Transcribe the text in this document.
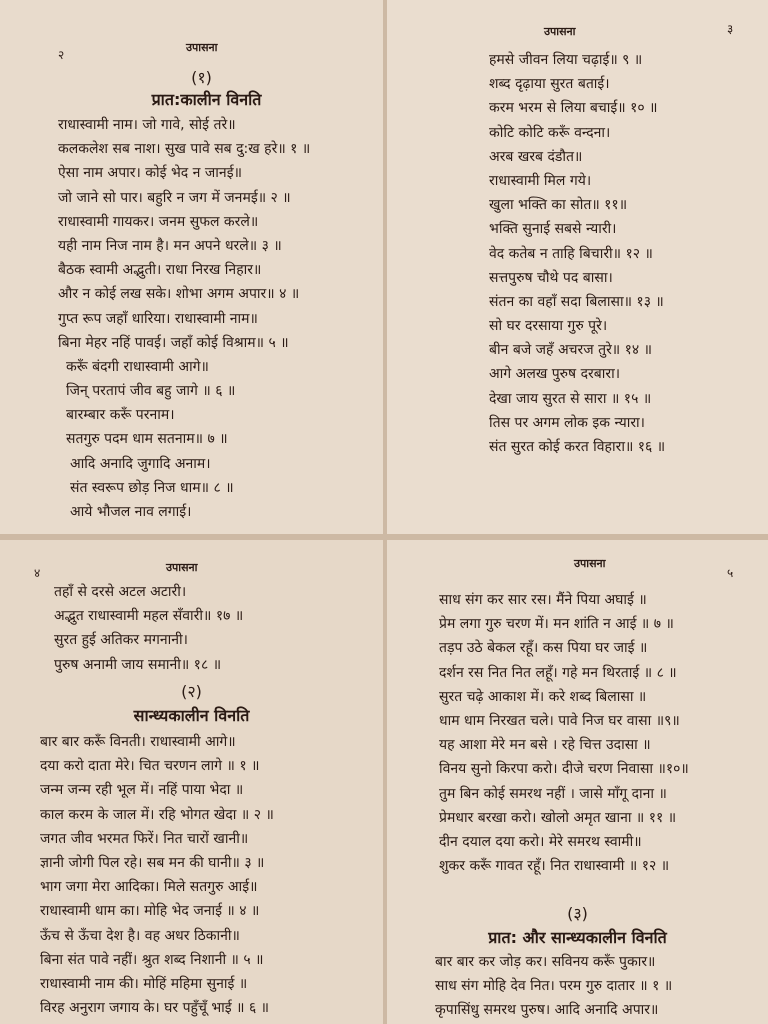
२
उपासना
(१)
प्रात:कालीन विनति
राधास्वामी नाम। जो गावे, सोई तरे॥
कलकलेश सब नाश। सुख पावे सब दु:ख हरे॥ १ ॥
ऐसा नाम अपार। कोई भेद न जानई॥
जो जाने सो पार। बहुरि न जग में जनमई॥ २ ॥
राधास्वामी गायकर। जनम सुफल करले॥
यही नाम निज नाम है। मन अपने धरले॥ ३ ॥
बैठक स्वामी अद्भुती। राधा निरख निहार॥
और न कोई लख सके। शोभा अगम अपार॥ ४ ॥
गुप्त रूप जहाँ धारिया। राधास्वामी नाम॥
बिना मेहर नहिं पावई। जहाँ कोई विश्राम॥ ५ ॥
करूँ बंदगी राधास्वामी आगे॥
जिन् परतापं जीव बहु जागे ॥ ६ ॥
बारम्बार करूँ परनाम।
सतगुरु पदम धाम सतनाम॥ ७ ॥
आदि अनादि जुगादि अनाम।
संत स्वरूप छोड़ निज धाम॥ ८ ॥
आये भौजल नाव लगाई।
उपासना	३
हमसे जीवन लिया चढ़ाई॥ ९ ॥
शब्द दृढ़ाया सुरत बताई।
करम भरम से लिया बचाई॥ १० ॥
कोटि कोटि करूँ वन्दना।
अरब खरब दंडौत॥
राधास्वामी मिल गये।
खुला भक्ति का सोत॥ ११॥
भक्ति सुनाई सबसे न्यारी।
वेद कतेब न ताहि बिचारी॥ १२ ॥
सत्तपुरुष चौथे पद बासा।
संतन का वहाँ सदा बिलासा॥ १३ ॥
सो घर दरसाया गुरु पूरे।
बीन बजे जहँ अचरज तुरे॥ १४ ॥
आगे अलख पुरुष दरबारा।
देखा जाय सुरत से सारा ॥ १५ ॥
तिस पर अगम लोक इक न्यारा।
संत सुरत कोई करत विहारा॥ १६ ॥
४	उपासना
तहाँ से दरसे अटल अटारी।
अद्भुत राधास्वामी महल सँवारी॥ १७ ॥
सुरत हुई अतिकर मगनानी।
पुरुष अनामी जाय समानी॥ १८ ॥
(२)
सान्ध्यकालीन विनति
बार बार करूँ विनती। राधास्वामी आगे॥
दया करो दाता मेरे। चित चरणन लागे ॥ १ ॥
जन्म जन्म रही भूल में। नहिं पाया भेदा ॥
काल करम के जाल में। रहि भोगत खेदा ॥ २ ॥
जगत जीव भरमत फिरें। नित चारों खानी॥
ज्ञानी जोगी पिल रहे। सब मन की घानी॥ ३ ॥
भाग जगा मेरा आदिका। मिले सतगुरु आई॥
राधास्वामी धाम का। मोहि भेद जनाई ॥ ४ ॥
ऊँच से ऊँचा देश है। वह अधर ठिकानी॥
बिना संत पावे नहीं। श्रुत शब्द निशानी ॥ ५ ॥
राधास्वामी नाम की। मोहिं महिमा सुनाई ॥
विरह अनुराग जगाय के। घर पहुँचूँ भाई ॥ ६ ॥
उपासना
५
साध संग कर सार रस। मैंने पिया अघाई ॥
प्रेम लगा गुरु चरण में। मन शांति न आई ॥ ७ ॥
तड़प उठे बेकल रहूँ। कस पिया घर जाई ॥
दर्शन रस नित नित लहूँ। गहे मन थिरताई ॥ ८ ॥
सुरत चढ़े आकाश में। करे शब्द बिलासा ॥
धाम धाम निरखत चले। पावे निज घर वासा ॥९॥
यह आशा मेरे मन बसे । रहे चित्त उदासा ॥
विनय सुनो किरपा करो। दीजे चरण निवासा ॥१०॥
तुम बिन कोई समरथ नहीं । जासे माँगू दाना ॥
प्रेमधार बरखा करो। खोलो अमृत खाना ॥ ११ ॥
दीन दयाल दया करो। मेरे समरथ स्वामी॥
शुकर करूँ गावत रहूँ। नित राधास्वामी ॥ १२ ॥
(३)
प्रात: और सान्ध्यकालीन विनति
बार बार कर जोड़ कर। सविनय करूँ पुकार॥
साध संग मोहि देव नित। परम गुरु दातार ॥ १ ॥
कृपासिंधु समरथ पुरुष। आदि अनादि अपार॥
